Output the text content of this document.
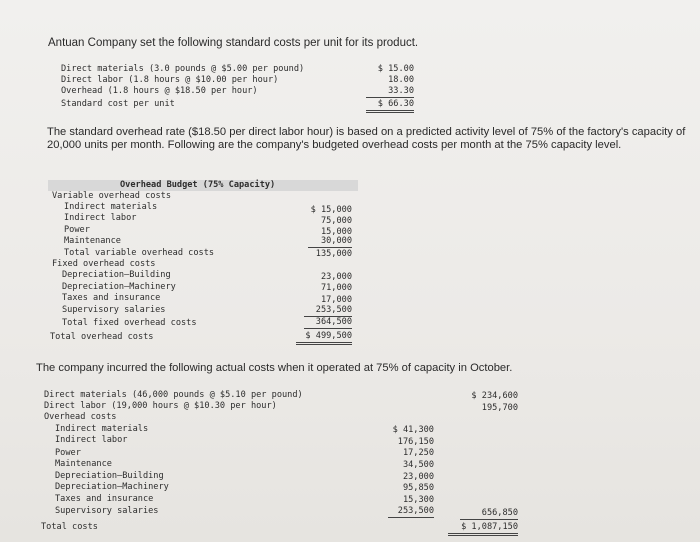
Antuan Company set the following standard costs per unit for its product.
Direct materials (3.0 pounds @ $5.00 per pound)	$ 15.00
Direct labor (1.8 hours @ $10.00 per hour)	18.00
Overhead (1.8 hours @ $18.50 per hour)	33.30
Standard cost per unit	$ 66.30
The standard overhead rate ($18.50 per direct labor hour) is based on a predicted activity level of 75% of the factory's capacity of 20,000 units per month. Following are the company's budgeted overhead costs per month at the 75% capacity level.
Overhead Budget (75% Capacity)
Variable overhead costs
Indirect materials	$ 15,000
Indirect labor	75,000
Power	15,000
Maintenance	30,000
Total variable overhead costs	135,000
Fixed overhead costs
Depreciation—Building	23,000
Depreciation—Machinery	71,000
Taxes and insurance	17,000
Supervisory salaries	253,500
Total fixed overhead costs	364,500
Total overhead costs	$ 499,500
The company incurred the following actual costs when it operated at 75% of capacity in October.
Direct materials (46,000 pounds @ $5.10 per pound)	$ 234,600
Direct labor (19,000 hours @ $10.30 per hour)	195,700
Overhead costs
Indirect materials	$ 41,300
Indirect labor	176,150
Power	17,250
Maintenance	34,500
Depreciation—Building	23,000
Depreciation—Machinery	95,850
Taxes and insurance	15,300
Supervisory salaries	253,500	656,850
Total costs	$ 1,087,150
